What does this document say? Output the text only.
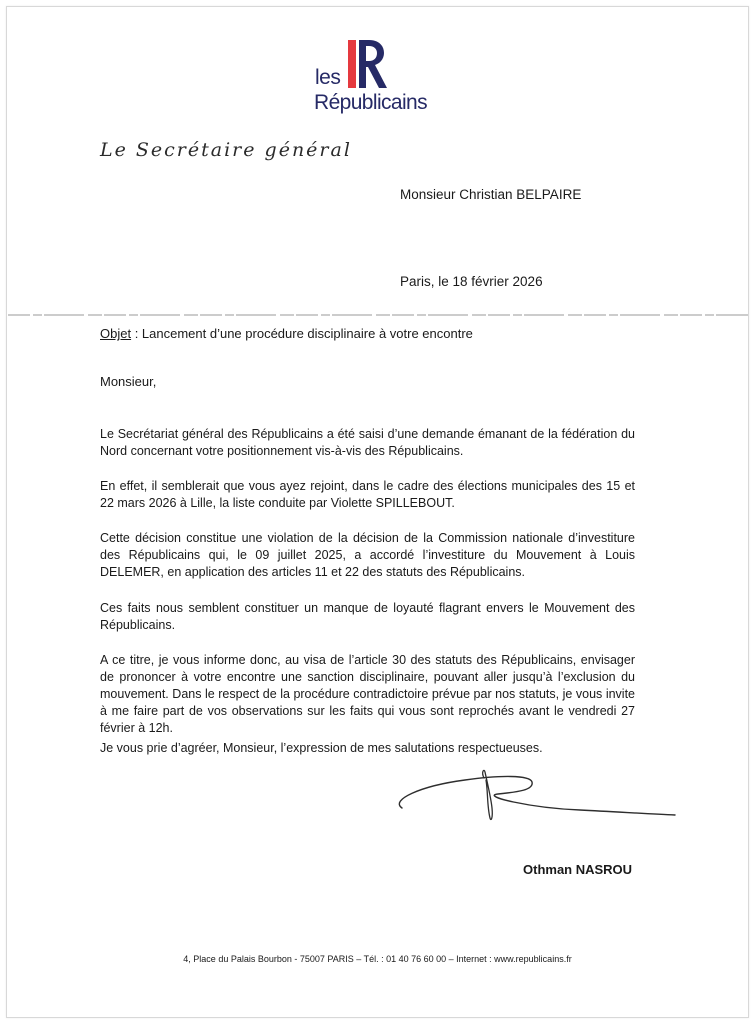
les
Républicains
Le Secrétaire général
Monsieur Christian BELPAIRE
Paris, le 18 février 2026
Objet : Lancement d’une procédure disciplinaire à votre encontre
Monsieur,

Le Secrétariat général des Républicains a été saisi d’une demande émanant de la fédération du Nord concernant votre positionnement vis-à-vis des Républicains.

En effet, il semblerait que vous ayez rejoint, dans le cadre des élections municipales des 15 et 22 mars 2026 à Lille, la liste conduite par Violette SPILLEBOUT.

Cette décision constitue une violation de la décision de la Commission nationale d’investiture des Républicains qui, le 09 juillet 2025, a accordé l’investiture du Mouvement à Louis DELEMER, en application des articles 11 et 22 des statuts des Républicains.

Ces faits nous semblent constituer un manque de loyauté flagrant envers le Mouvement des Républicains.

A ce titre, je vous informe donc, au visa de l’article 30 des statuts des Républicains, envisager de prononcer à votre encontre une sanction disciplinaire, pouvant aller jusqu’à l’exclusion du mouvement. Dans le respect de la procédure contradictoire prévue par nos statuts, je vous invite à me faire part de vos observations sur les faits qui vous sont reprochés avant le vendredi 27 février à 12h.

Je vous prie d’agréer, Monsieur, l’expression de mes salutations respectueuses.

Othman NASROU
4, Place du Palais Bourbon - 75007 PARIS – Tél. : 01 40 76 60 00 – Internet : www.republicains.fr
